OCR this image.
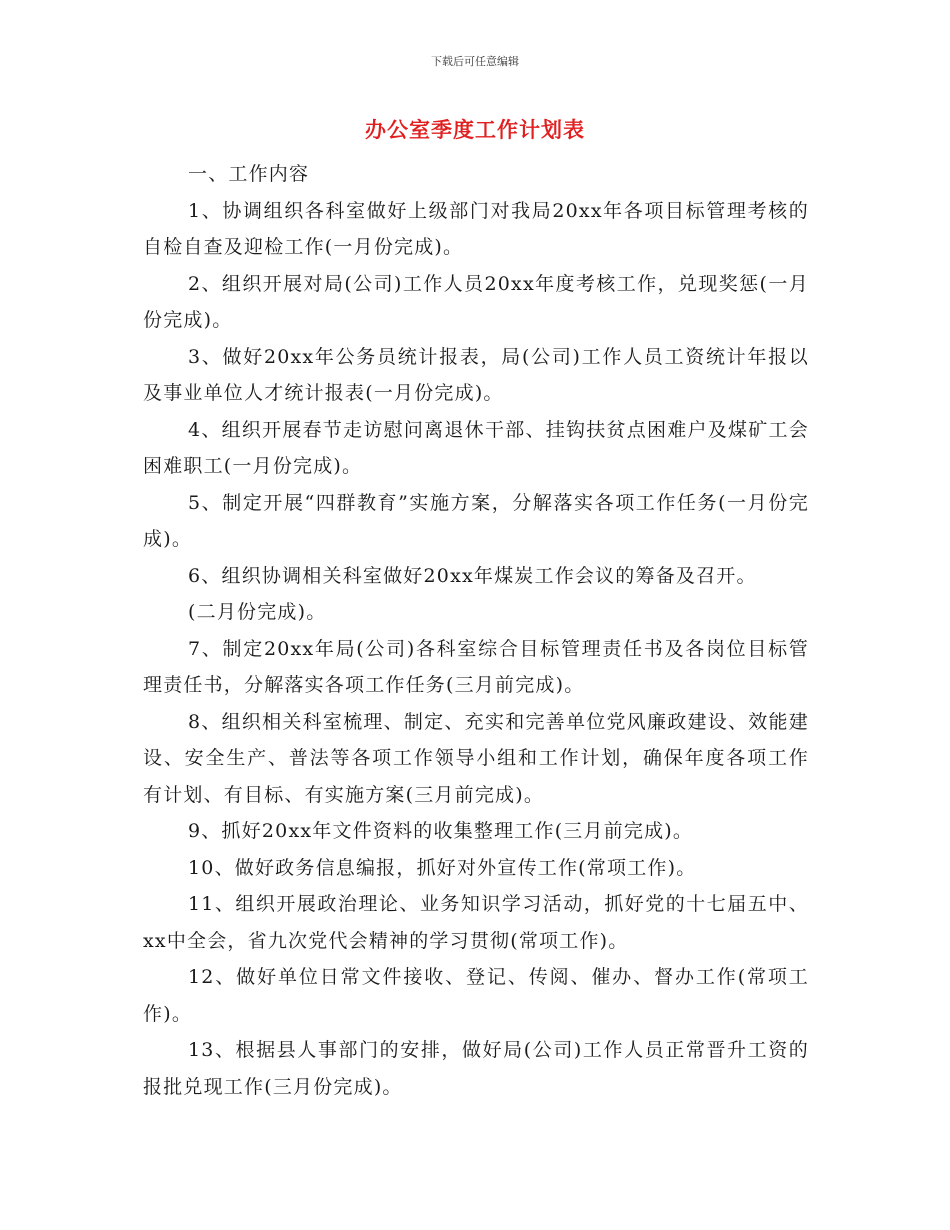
下载后可任意编辑
办公室季度工作计划表

一、工作内容

1、协调组织各科室做好上级部门对我局20xx年各项目标管理考核的自检自查及迎检工作(一月份完成)。

2、组织开展对局(公司)工作人员20xx年度考核工作，兑现奖惩(一月份完成)。

3、做好20xx年公务员统计报表，局(公司)工作人员工资统计年报以及事业单位人才统计报表(一月份完成)。

4、组织开展春节走访慰问离退休干部、挂钩扶贫点困难户及煤矿工会困难职工(一月份完成)。

5、制定开展“四群教育”实施方案，分解落实各项工作任务(一月份完成)。

6、组织协调相关科室做好20xx年煤炭工作会议的筹备及召开。

(二月份完成)。

7、制定20xx年局(公司)各科室综合目标管理责任书及各岗位目标管理责任书，分解落实各项工作任务(三月前完成)。

8、组织相关科室梳理、制定、充实和完善单位党风廉政建设、效能建设、安全生产、普法等各项工作领导小组和工作计划，确保年度各项工作有计划、有目标、有实施方案(三月前完成)。

9、抓好20xx年文件资料的收集整理工作(三月前完成)。

10、做好政务信息编报，抓好对外宣传工作(常项工作)。

11、组织开展政治理论、业务知识学习活动，抓好党的十七届五中、xx中全会，省九次党代会精神的学习贯彻(常项工作)。

12、做好单位日常文件接收、登记、传阅、催办、督办工作(常项工作)。

13、根据县人事部门的安排，做好局(公司)工作人员正常晋升工资的报批兑现工作(三月份完成)。
